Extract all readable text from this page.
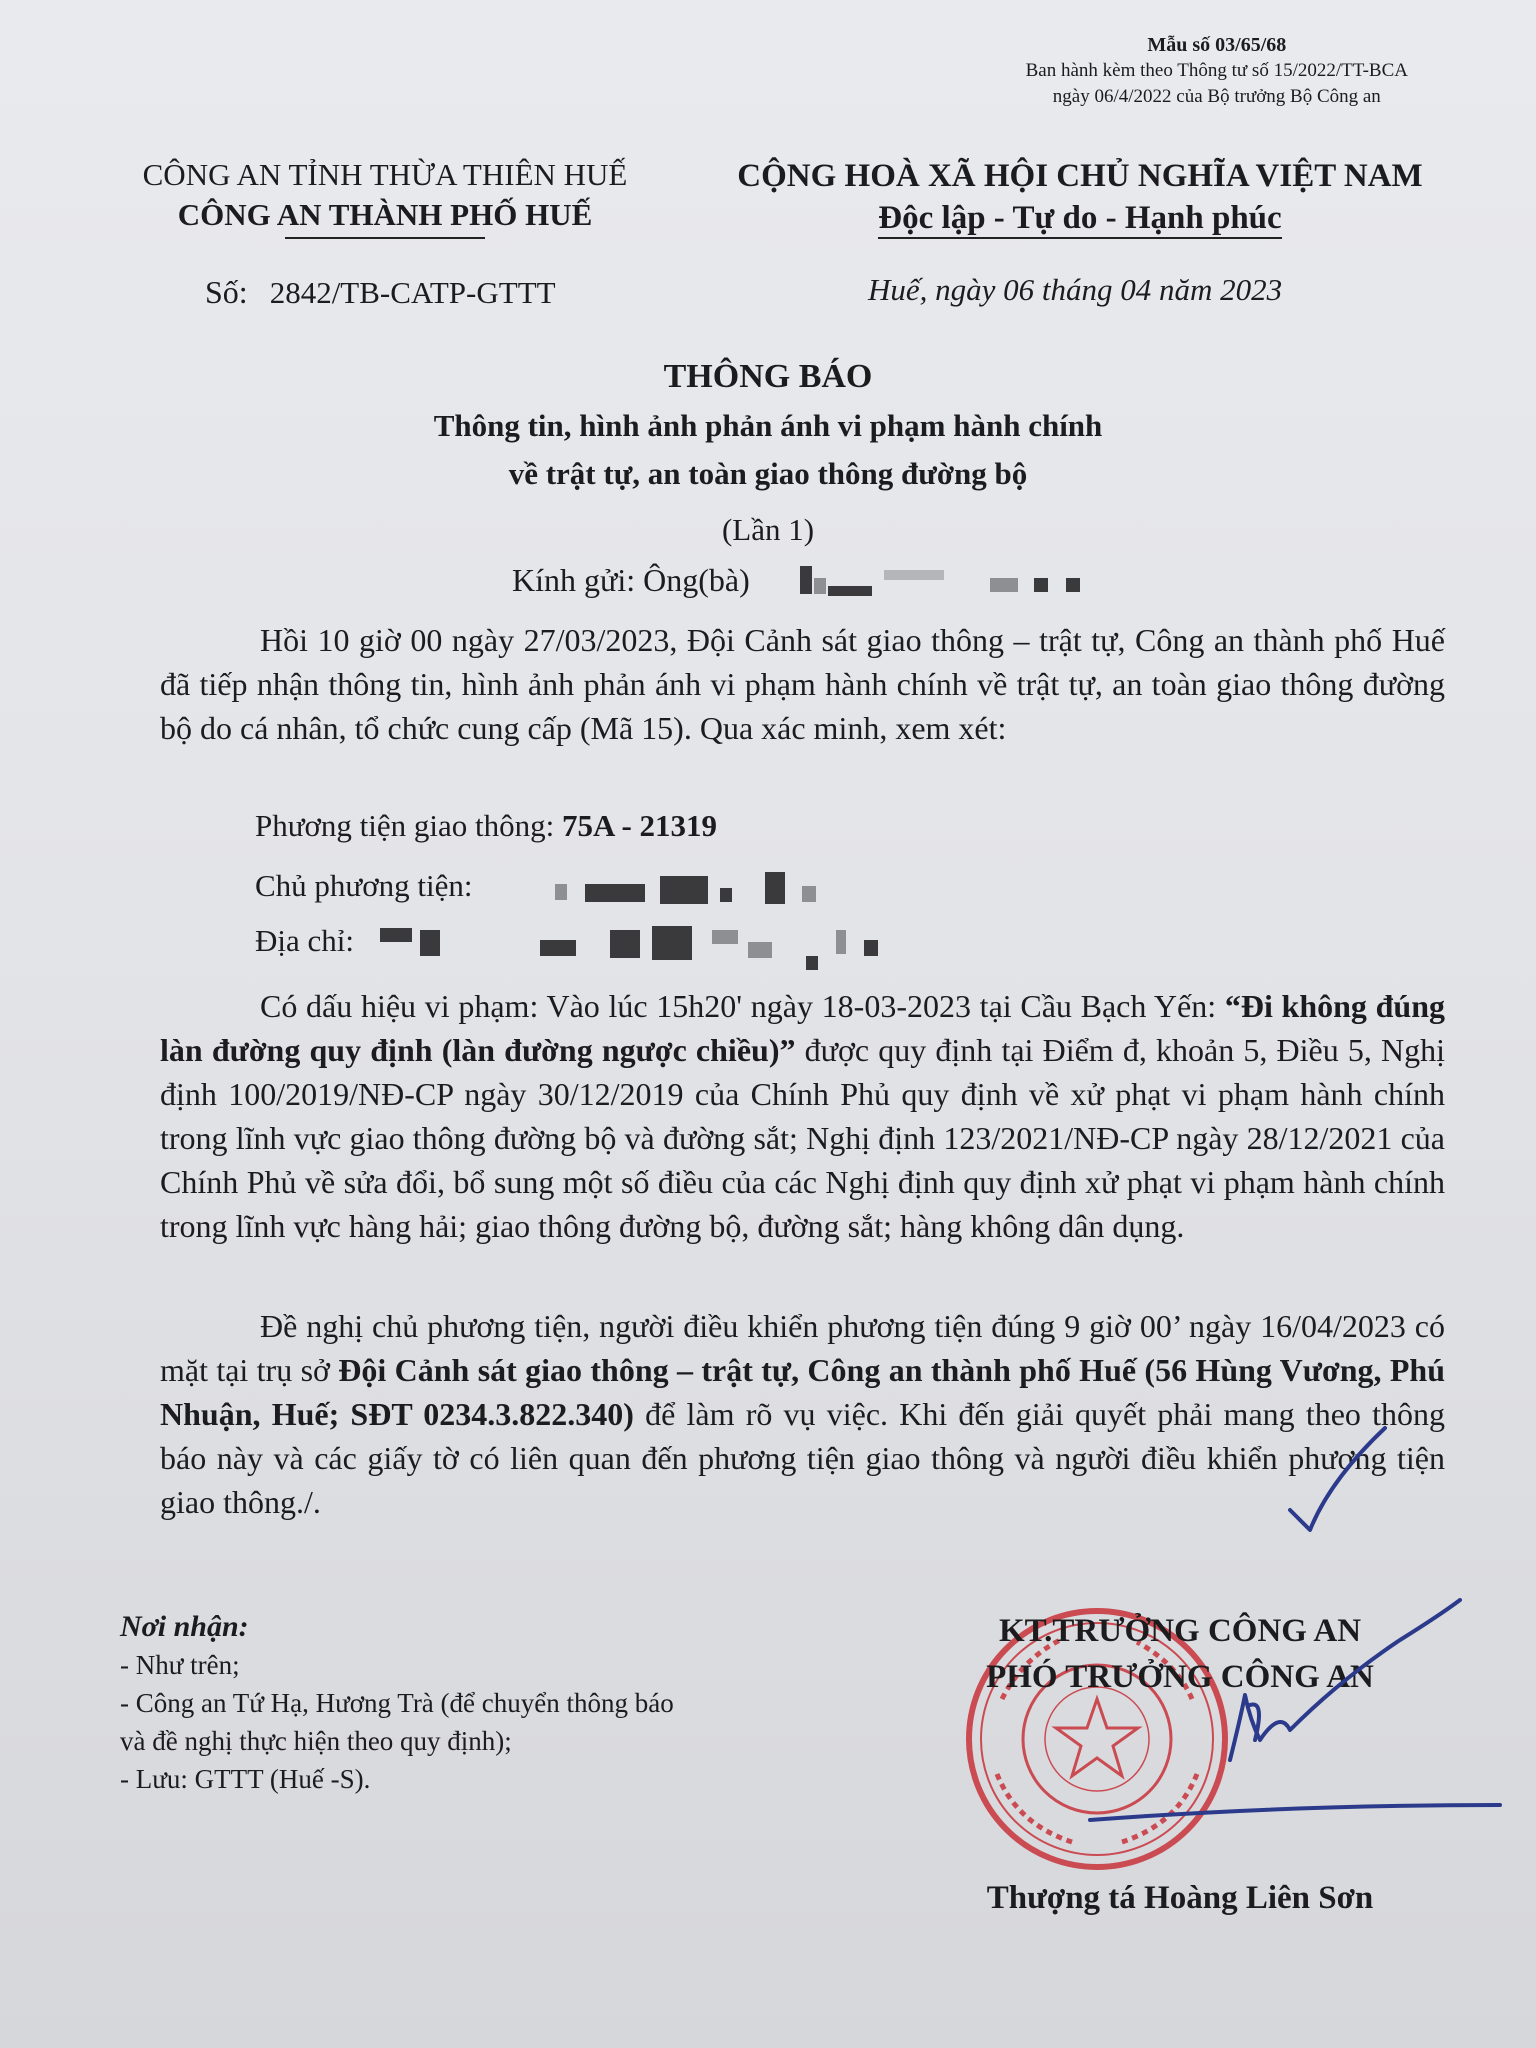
Mẫu số 03/65/68
Ban hành kèm theo Thông tư số 15/2022/TT-BCA
ngày 06/4/2022 của Bộ trưởng Bộ Công an
CÔNG AN TỈNH THỪA THIÊN HUẾ
CÔNG AN THÀNH PHỐ HUẾ
CỘNG HOÀ XÃ HỘI CHỦ NGHĨA VIỆT NAM
Độc lập - Tự do - Hạnh phúc
Số: 2842/TB-CATP-GTTT	Huế, ngày 06 tháng 04 năm 2023
THÔNG BÁO
Thông tin, hình ảnh phản ánh vi phạm hành chính
về trật tự, an toàn giao thông đường bộ
(Lần 1)
Kính gửi: Ông(bà)
Hồi 10 giờ 00 ngày 27/03/2023, Đội Cảnh sát giao thông – trật tự, Công an thành phố Huế đã tiếp nhận thông tin, hình ảnh phản ánh vi phạm hành chính về trật tự, an toàn giao thông đường bộ do cá nhân, tổ chức cung cấp (Mã 15). Qua xác minh, xem xét:
Phương tiện giao thông: 75A - 21319
Chủ phương tiện:
Địa chỉ:
Có dấu hiệu vi phạm: Vào lúc 15h20' ngày 18-03-2023 tại Cầu Bạch Yến: “Đi không đúng làn đường quy định (làn đường ngược chiều)” được quy định tại Điểm đ, khoản 5, Điều 5, Nghị định 100/2019/NĐ-CP ngày 30/12/2019 của Chính Phủ quy định về xử phạt vi phạm hành chính trong lĩnh vực giao thông đường bộ và đường sắt; Nghị định 123/2021/NĐ-CP ngày 28/12/2021 của Chính Phủ về sửa đổi, bổ sung một số điều của các Nghị định quy định xử phạt vi phạm hành chính trong lĩnh vực hàng hải; giao thông đường bộ, đường sắt; hàng không dân dụng.
Đề nghị chủ phương tiện, người điều khiển phương tiện đúng 9 giờ 00’ ngày 16/04/2023 có mặt tại trụ sở Đội Cảnh sát giao thông – trật tự, Công an thành phố Huế (56 Hùng Vương, Phú Nhuận, Huế; SĐT 0234.3.822.340) để làm rõ vụ việc. Khi đến giải quyết phải mang theo thông báo này và các giấy tờ có liên quan đến phương tiện giao thông và người điều khiển phương tiện giao thông./.
Nơi nhận:
- Như trên;
- Công an Tứ Hạ, Hương Trà (để chuyển thông báo
và đề nghị thực hiện theo quy định);
- Lưu: GTTT (Huế -S).
KT.TRƯỞNG CÔNG AN
PHÓ TRƯỞNG CÔNG AN
Thượng tá Hoàng Liên Sơn
